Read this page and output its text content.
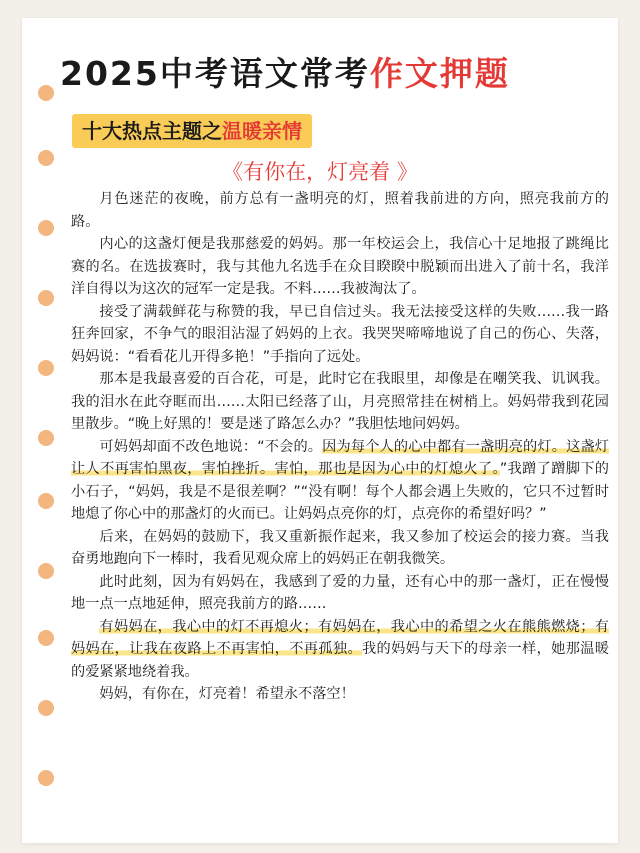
2025中考语文常考作文押题
十大热点主题之温暖亲情
《有你在，灯亮着 》

月色迷茫的夜晚，前方总有一盏明亮的灯，照着我前进的方向，照亮我前方的路。

内心的这盏灯便是我那慈爱的妈妈。那一年校运会上，我信心十足地报了跳绳比赛的名。在选拔赛时，我与其他九名选手在众目睽睽中脱颖而出进入了前十名，我洋洋自得以为这次的冠军一定是我。不料……我被淘汰了。

接受了满载鲜花与称赞的我，早已自信过头。我无法接受这样的失败……我一路狂奔回家，不争气的眼泪沾湿了妈妈的上衣。我哭哭啼啼地说了自己的伤心、失落，妈妈说：“看看花儿开得多艳！”手指向了远处。

那本是我最喜爱的百合花，可是，此时它在我眼里，却像是在嘲笑我、讥讽我。我的泪水在此夺眶而出……太阳已经落了山，月亮照常挂在树梢上。妈妈带我到花园里散步。“晚上好黑的！要是迷了路怎么办？”我胆怯地问妈妈。

可妈妈却面不改色地说：“不会的。因为每个人的心中都有一盏明亮的灯。这盏灯让人不再害怕黑夜，害怕挫折。害怕，那也是因为心中的灯熄火了。”我蹭了蹭脚下的小石子，“妈妈，我是不是很差啊？”“没有啊！每个人都会遇上失败的，它只不过暂时地熄了你心中的那盏灯的火而已。让妈妈点亮你的灯，点亮你的希望好吗？”

后来，在妈妈的鼓励下，我又重新振作起来，我又参加了校运会的接力赛。当我奋勇地跑向下一棒时，我看见观众席上的妈妈正在朝我微笑。

此时此刻，因为有妈妈在，我感到了爱的力量，还有心中的那一盏灯，正在慢慢地一点一点地延伸，照亮我前方的路……

有妈妈在，我心中的灯不再熄火；有妈妈在，我心中的希望之火在熊熊燃烧；有妈妈在，让我在夜路上不再害怕，不再孤独。我的妈妈与天下的母亲一样，她那温暖的爱紧紧地绕着我。

妈妈，有你在，灯亮着！希望永不落空！
